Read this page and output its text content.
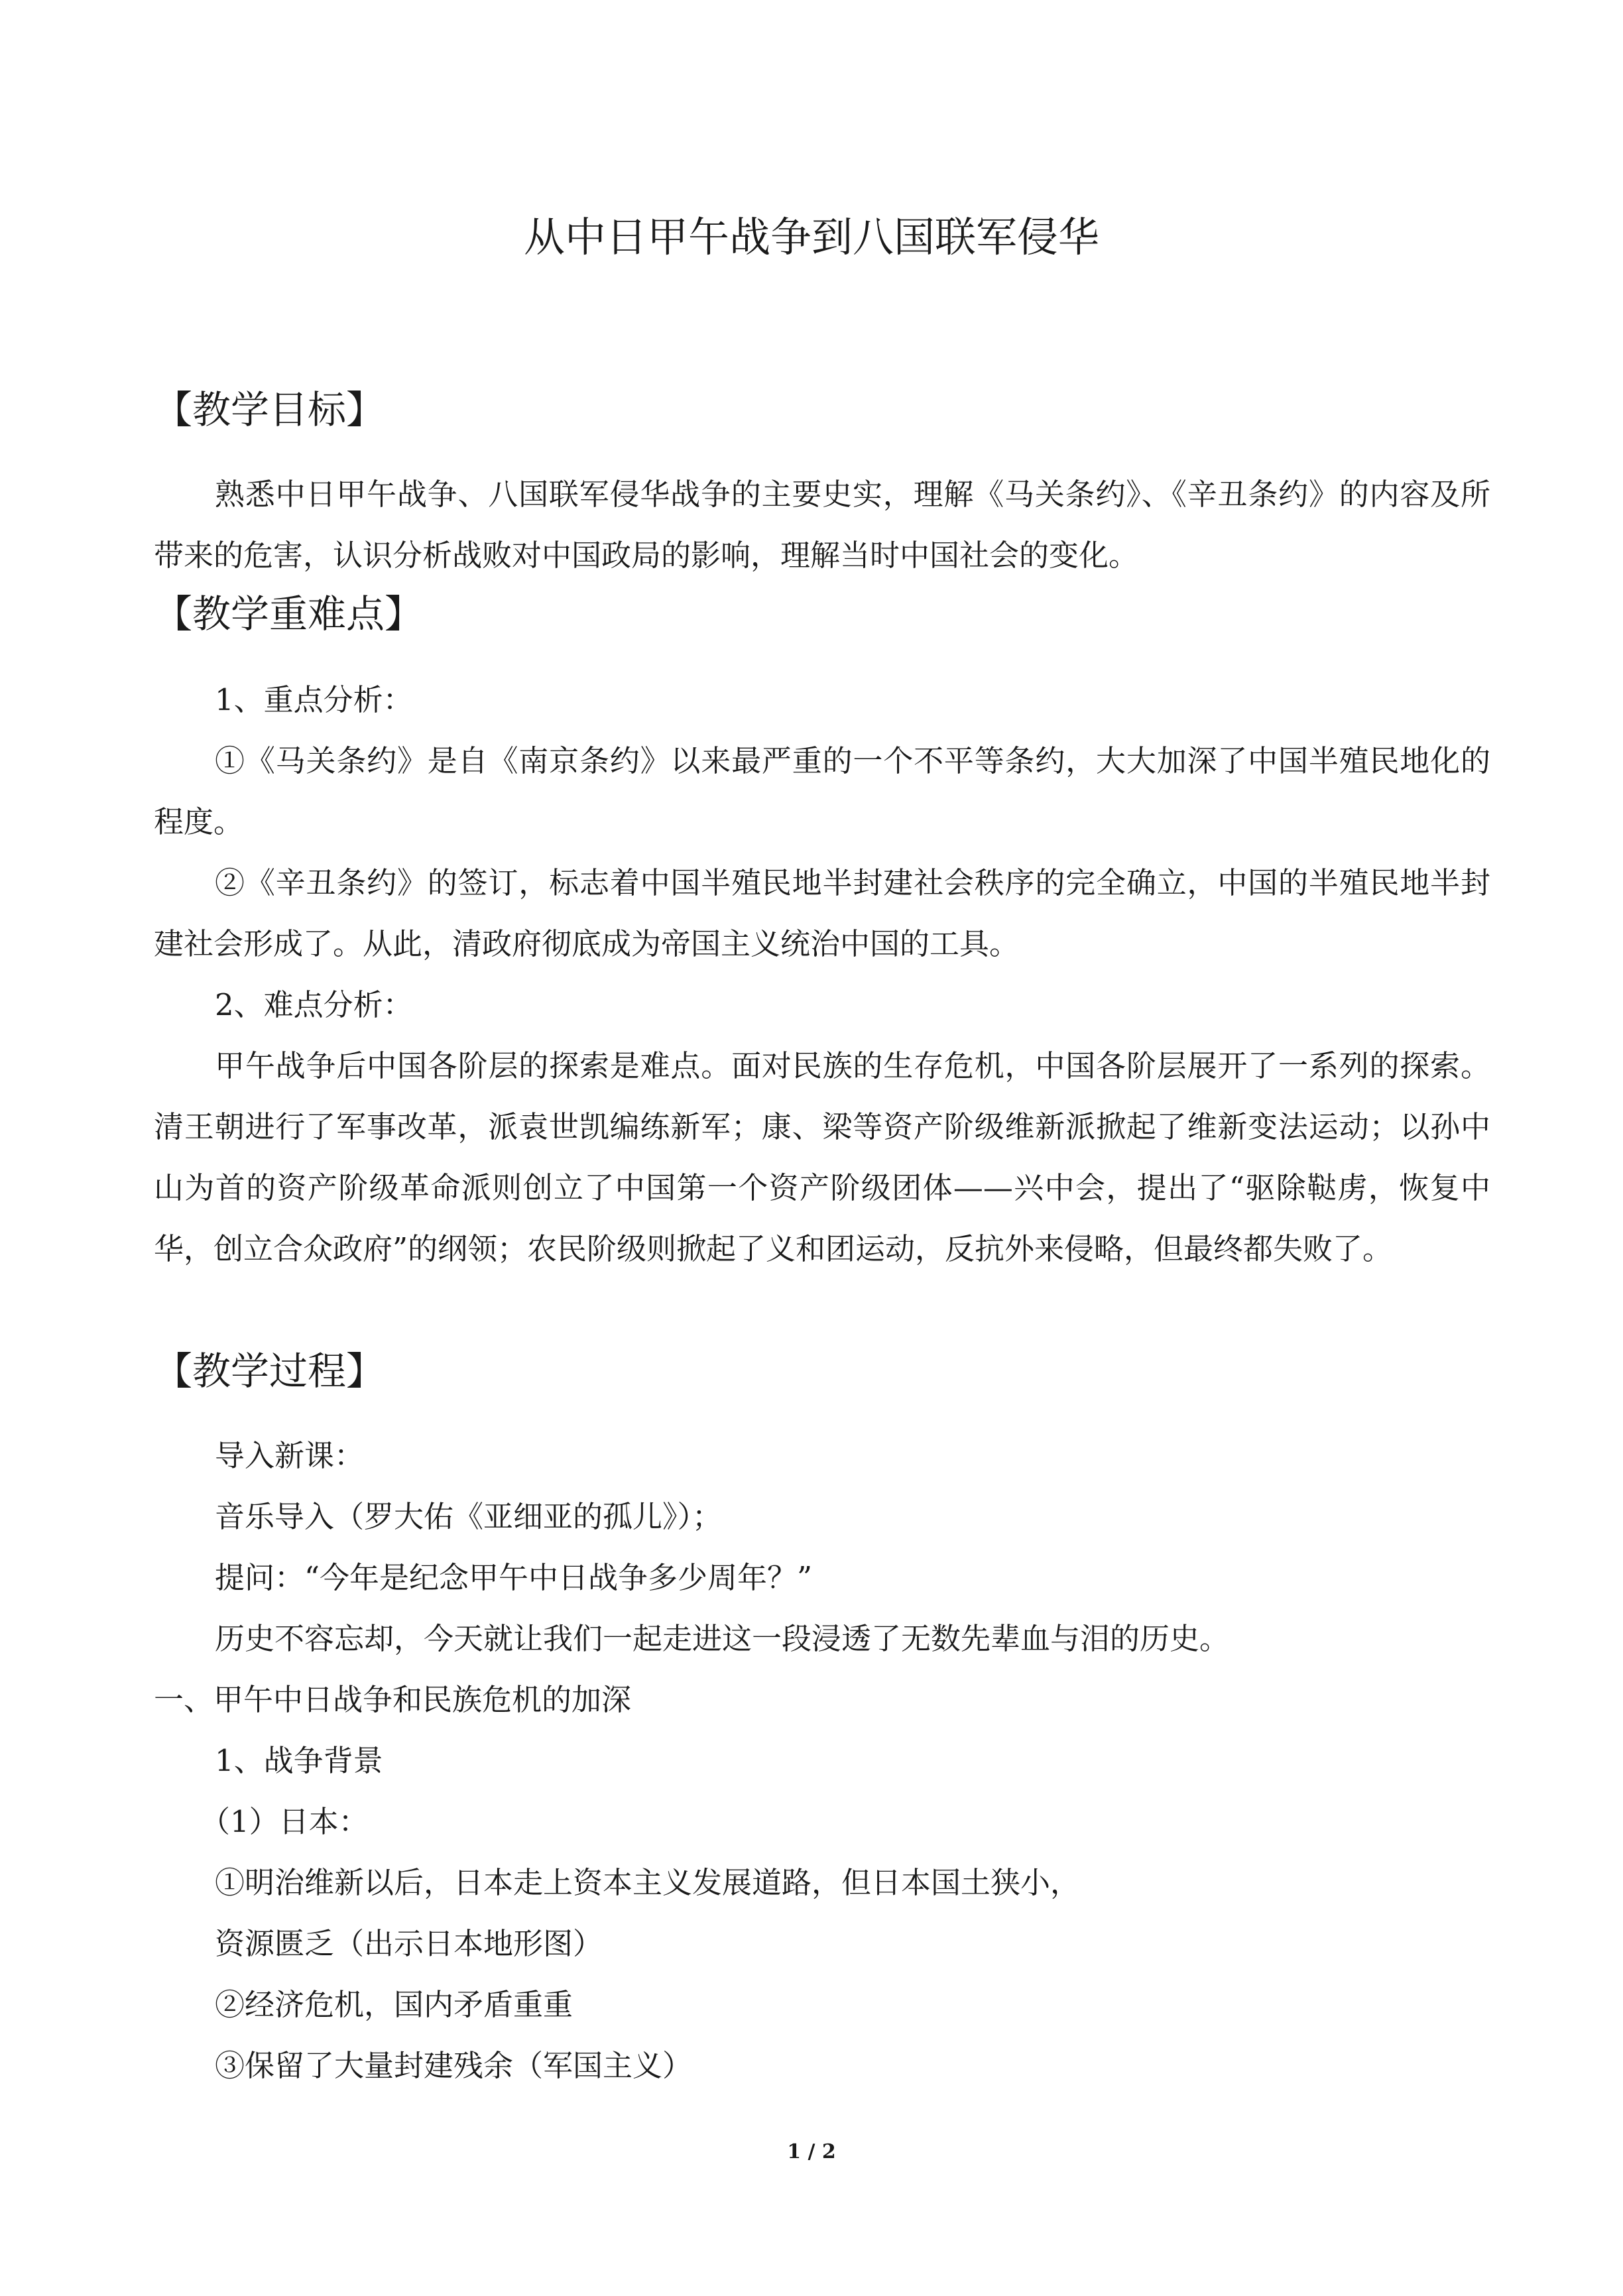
从中日甲午战争到八国联军侵华
【教学目标】
熟悉中日甲午战争、八国联军侵华战争的主要史实，理解《马关条约》、《辛丑条约》的内容及所带来的危害，认识分析战败对中国政局的影响，理解当时中国社会的变化。
【教学重难点】
1、重点分析：
①《马关条约》是自《南京条约》以来最严重的一个不平等条约，大大加深了中国半殖民地化的程度。
②《辛丑条约》的签订，标志着中国半殖民地半封建社会秩序的完全确立，中国的半殖民地半封建社会形成了。从此，清政府彻底成为帝国主义统治中国的工具。
2、难点分析：
甲午战争后中国各阶层的探索是难点。面对民族的生存危机，中国各阶层展开了一系列的探索。清王朝进行了军事改革，派袁世凯编练新军；康、梁等资产阶级维新派掀起了维新变法运动；以孙中山为首的资产阶级革命派则创立了中国第一个资产阶级团体——兴中会，提出了“驱除鞑虏，恢复中华，创立合众政府”的纲领；农民阶级则掀起了义和团运动，反抗外来侵略，但最终都失败了。
【教学过程】
导入新课：
音乐导入（罗大佑《亚细亚的孤儿》）；
提问：“今年是纪念甲午中日战争多少周年？”
历史不容忘却，今天就让我们一起走进这一段浸透了无数先辈血与泪的历史。
一、甲午中日战争和民族危机的加深
1、战争背景
（1）日本：
①明治维新以后，日本走上资本主义发展道路，但日本国土狭小，
资源匮乏（出示日本地形图）
②经济危机，国内矛盾重重
③保留了大量封建残余（军国主义）
1 / 2
